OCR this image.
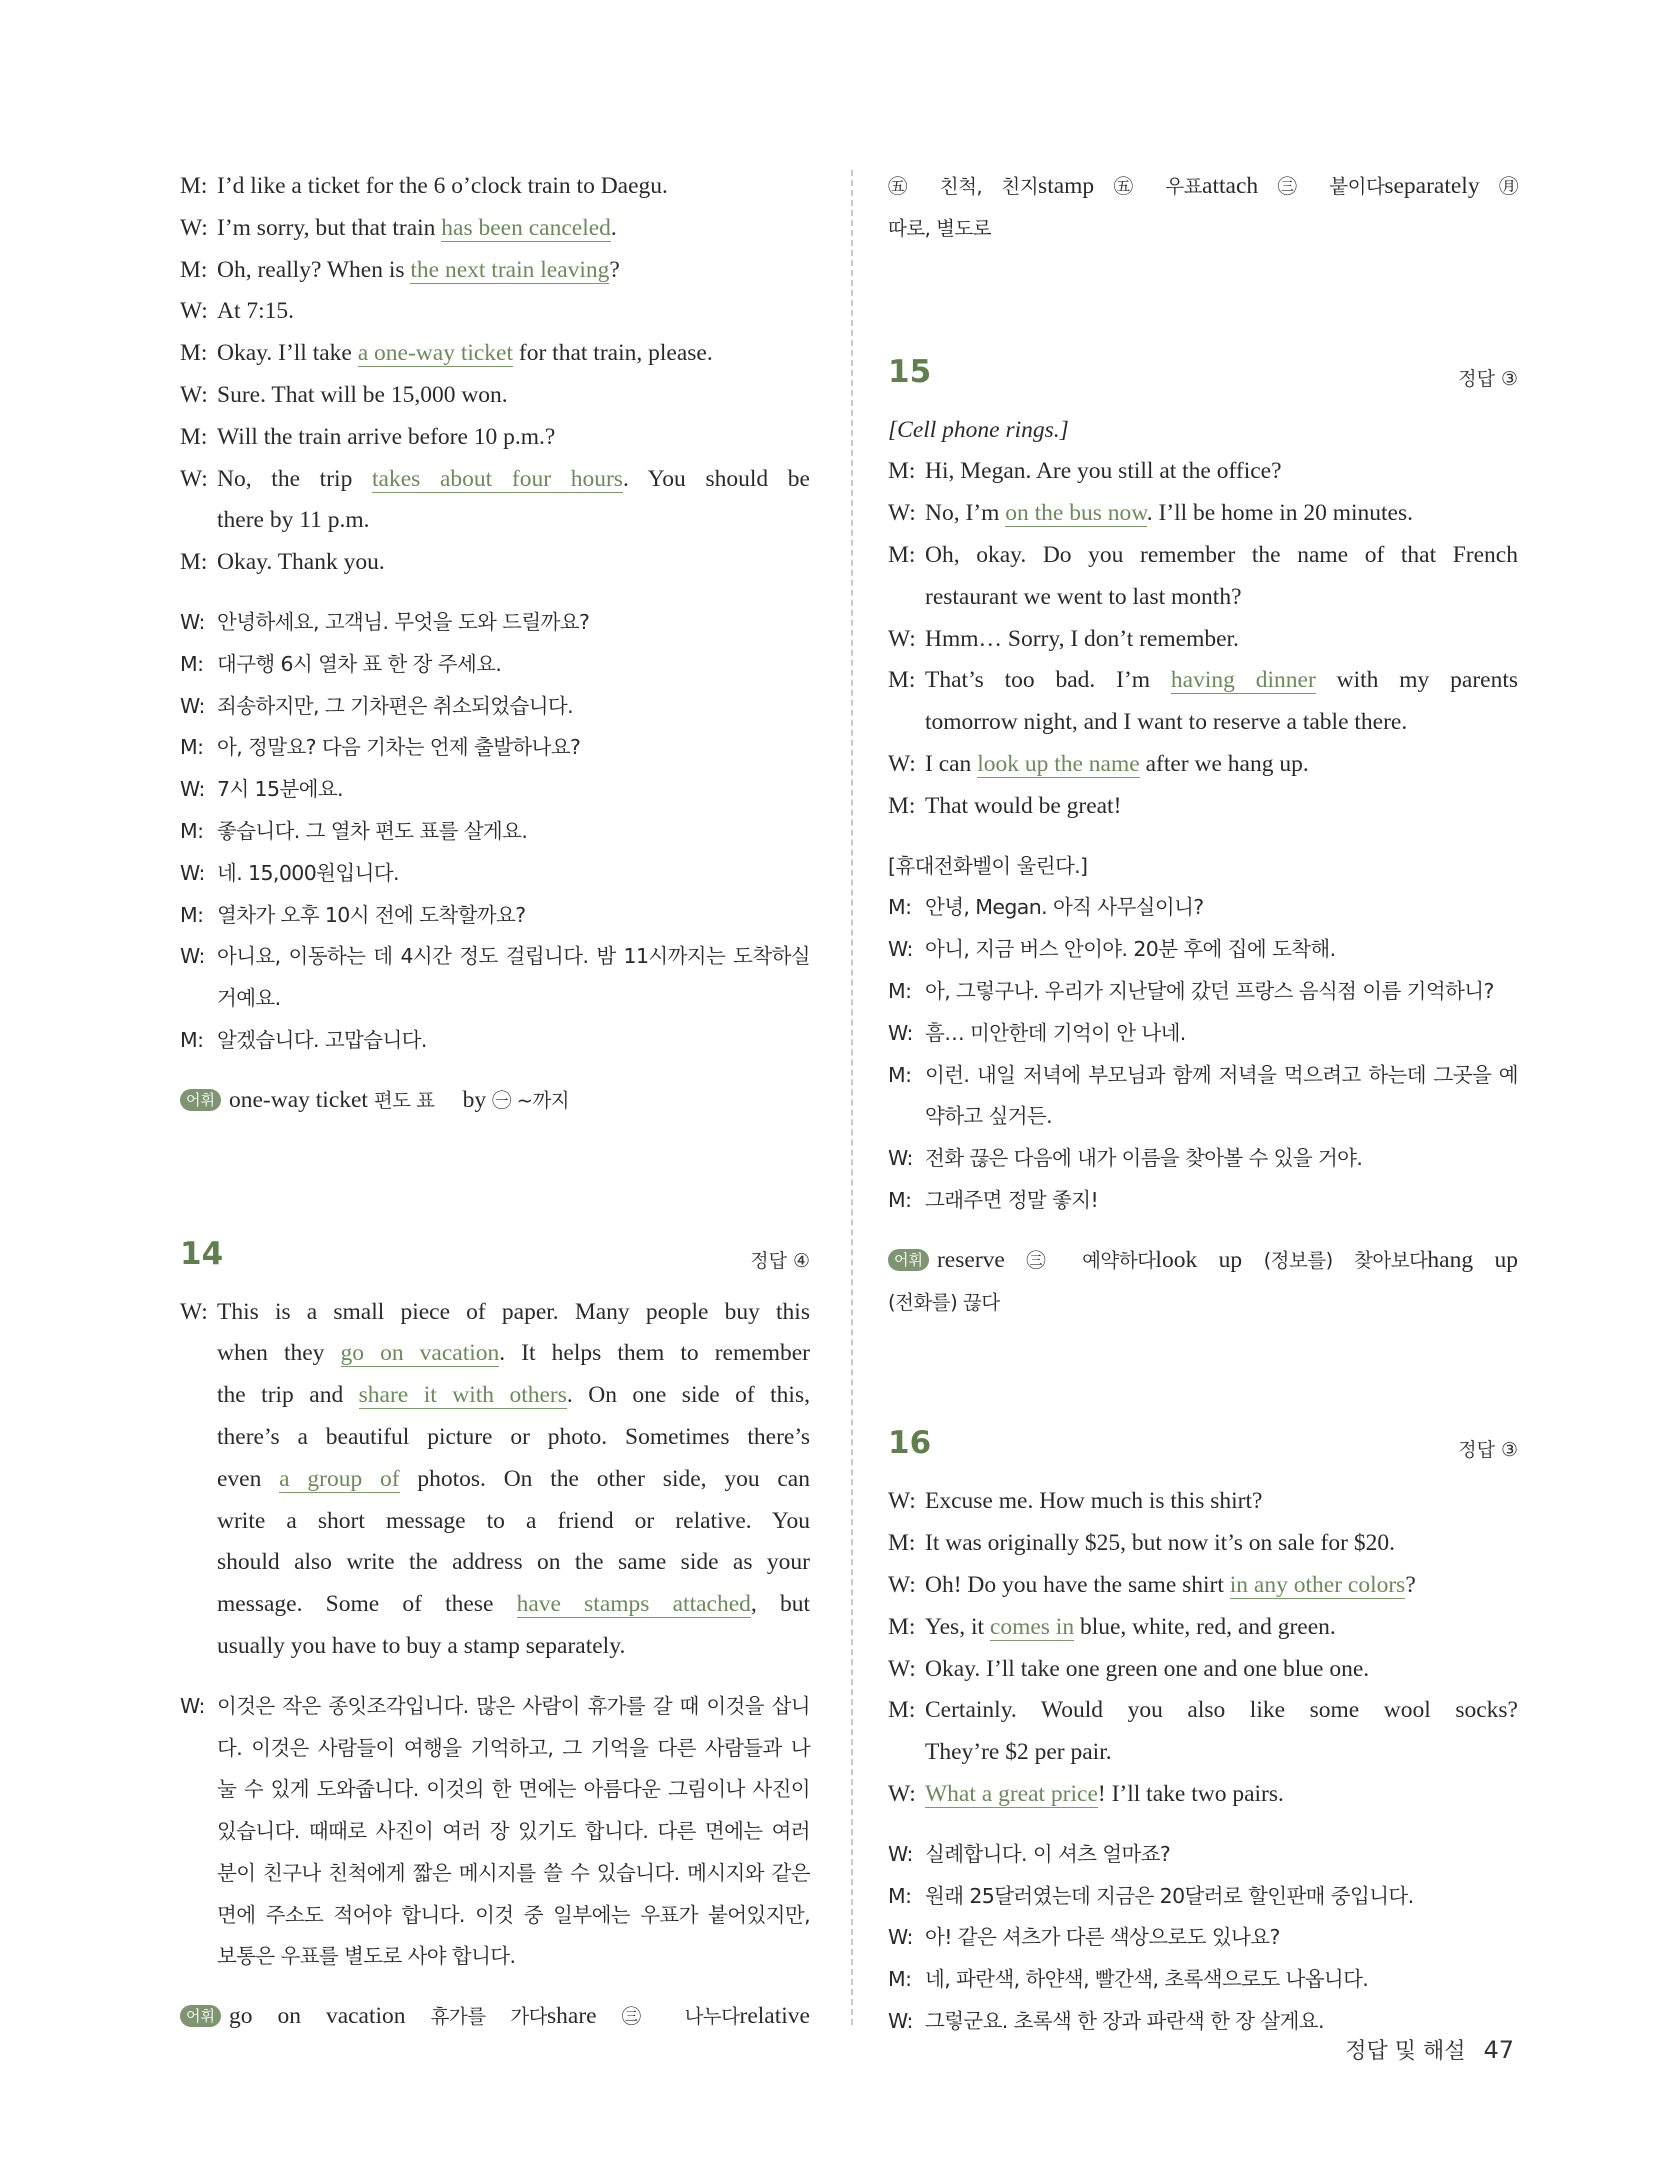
M: I’d like a ticket for the 6 o’clock train to Daegu.
W: I’m sorry, but that train has been canceled.
M: Oh, really? When is the next train leaving?
W: At 7:15.
M: Okay. I’ll take a one-way ticket for that train, please.
W: Sure. That will be 15,000 won.
M: Will the train arrive before 10 p.m.?
W: No, the trip takes about four hours. You should be
there by 11 p.m.
M: Okay. Thank you.
W: 안녕하세요, 고객님. 무엇을 도와 드릴까요?
M: 대구행 6시 열차 표 한 장 주세요.
W: 죄송하지만, 그 기차편은 취소되었습니다.
M: 아, 정말요? 다음 기차는 언제 출발하나요?
W: 7시 15분에요.
M: 좋습니다. 그 열차 편도 표를 살게요.
W: 네. 15,000원입니다.
M: 열차가 오후 10시 전에 도착할까요?
W: 아니요, 이동하는 데 4시간 정도 걸립니다. 밤 11시까지는 도착하실
거예요.
M: 알겠습니다. 고맙습니다.
어휘 one-way ticket 편도 표 by ㊀ ~까지
14	정답 ④
W: This is a small piece of paper. Many people buy this
when they go on vacation. It helps them to remember
the trip and share it with others. On one side of this,
there’s a beautiful picture or photo. Sometimes there’s
even a group of photos. On the other side, you can
write a short message to a friend or relative. You
should also write the address on the same side as your
message. Some of these have stamps attached, but
usually you have to buy a stamp separately.
W: 이것은 작은 종잇조각입니다. 많은 사람이 휴가를 갈 때 이것을 삽니
다. 이것은 사람들이 여행을 기억하고, 그 기억을 다른 사람들과 나
눌 수 있게 도와줍니다. 이것의 한 면에는 아름다운 그림이나 사진이
있습니다. 때때로 사진이 여러 장 있기도 합니다. 다른 면에는 여러
분이 친구나 친척에게 짧은 메시지를 쓸 수 있습니다. 메시지와 같은
면에 주소도 적어야 합니다. 이것 중 일부에는 우표가 붙어있지만,
보통은 우표를 별도로 사야 합니다.
어휘 go on vacation 휴가를 가다share ㊂ 나누다relative
㊄ 친척, 친지stamp ㊄ 우표attach ㊂ 붙이다separately ㊊
따로, 별도로
15	정답 ③
[Cell phone rings.]
M: Hi, Megan. Are you still at the office?
W: No, I’m on the bus now. I’ll be home in 20 minutes.
M: Oh, okay. Do you remember the name of that French
restaurant we went to last month?
W: Hmm… Sorry, I don’t remember.
M: That’s too bad. I’m having dinner with my parents
tomorrow night, and I want to reserve a table there.
W: I can look up the name after we hang up.
M: That would be great!
[휴대전화벨이 울린다.]
M: 안녕, Megan. 아직 사무실이니?
W: 아니, 지금 버스 안이야. 20분 후에 집에 도착해.
M: 아, 그렇구나. 우리가 지난달에 갔던 프랑스 음식점 이름 기억하니?
W: 흠… 미안한데 기억이 안 나네.
M: 이런. 내일 저녁에 부모님과 함께 저녁을 먹으려고 하는데 그곳을 예
약하고 싶거든.
W: 전화 끊은 다음에 내가 이름을 찾아볼 수 있을 거야.
M: 그래주면 정말 좋지!
어휘 reserve ㊂ 예약하다look up (정보를) 찾아보다hang up
(전화를) 끊다
16	정답 ③
W: Excuse me. How much is this shirt?
M: It was originally $25, but now it’s on sale for $20.
W: Oh! Do you have the same shirt in any other colors?
M: Yes, it comes in blue, white, red, and green.
W: Okay. I’ll take one green one and one blue one.
M: Certainly. Would you also like some wool socks?
They’re $2 per pair.
W: What a great price! I’ll take two pairs.
W: 실례합니다. 이 셔츠 얼마죠?
M: 원래 25달러였는데 지금은 20달러로 할인판매 중입니다.
W: 아! 같은 셔츠가 다른 색상으로도 있나요?
M: 네, 파란색, 하얀색, 빨간색, 초록색으로도 나옵니다.
W: 그렇군요. 초록색 한 장과 파란색 한 장 살게요.
정답 및 해설 47
